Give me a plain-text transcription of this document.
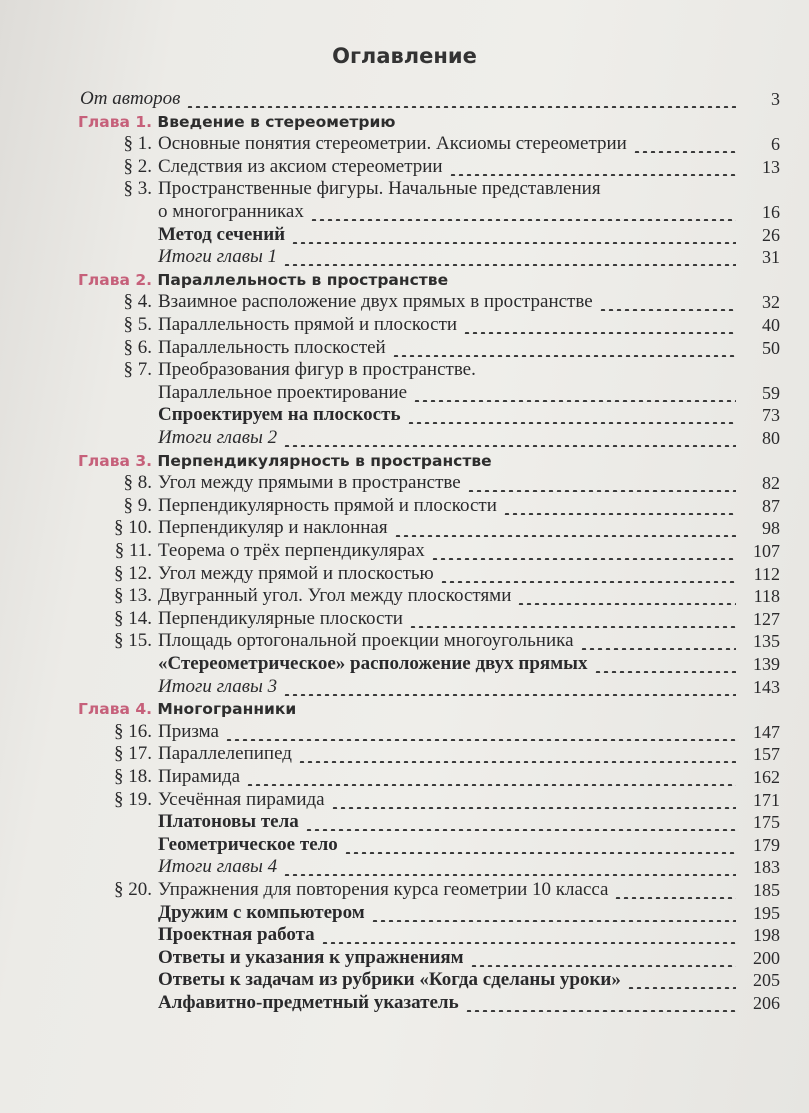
Оглавление
От авторов	3
Глава 1. Введение в стереометрию
§ 1. Основные понятия стереометрии. Аксиомы стереометрии	6
§ 2. Следствия из аксиом стереометрии	13
§ 3. Пространственные фигуры. Начальные представления
о многогранниках	16
Метод сечений	26
Итоги главы 1	31
Глава 2. Параллельность в пространстве
§ 4. Взаимное расположение двух прямых в пространстве	32
§ 5. Параллельность прямой и плоскости	40
§ 6. Параллельность плоскостей	50
§ 7. Преобразования фигур в пространстве.
Параллельное проектирование	59
Спроектируем на плоскость	73
Итоги главы 2	80
Глава 3. Перпендикулярность в пространстве
§ 8. Угол между прямыми в пространстве	82
§ 9. Перпендикулярность прямой и плоскости	87
§ 10. Перпендикуляр и наклонная	98
§ 11. Теорема о трёх перпендикулярах	107
§ 12. Угол между прямой и плоскостью	112
§ 13. Двугранный угол. Угол между плоскостями	118
§ 14. Перпендикулярные плоскости	127
§ 15. Площадь ортогональной проекции многоугольника	135
«Стереометрическое» расположение двух прямых	139
Итоги главы 3	143
Глава 4. Многогранники
§ 16. Призма	147
§ 17. Параллелепипед	157
§ 18. Пирамида	162
§ 19. Усечённая пирамида	171
Платоновы тела	175
Геометрическое тело	179
Итоги главы 4	183
§ 20. Упражнения для повторения курса геометрии 10 класса	185
Дружим с компьютером	195
Проектная работа	198
Ответы и указания к упражнениям	200
Ответы к задачам из рубрики «Когда сделаны уроки»	205
Алфавитно-предметный указатель	206
